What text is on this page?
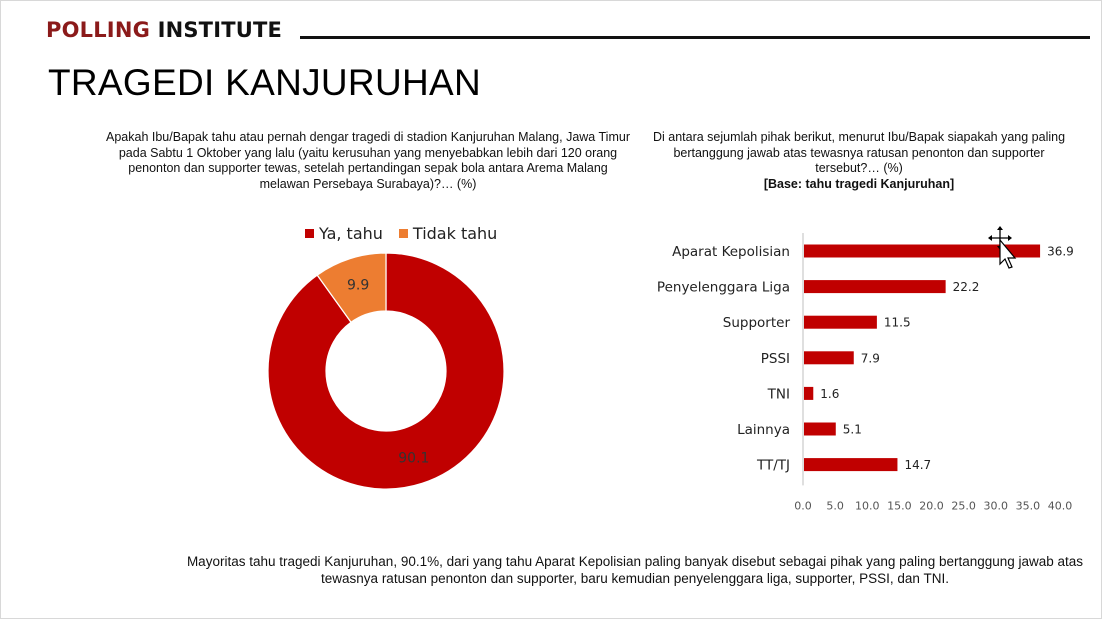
POLLING INSTITUTE
TRAGEDI KANJURUHAN
Apakah Ibu/Bapak tahu atau pernah dengar tragedi di stadion Kanjuruhan Malang, Jawa Timur pada Sabtu 1 Oktober yang lalu (yaitu kerusuhan yang menyebabkan lebih dari 120 orang penonton dan supporter tewas, setelah pertandingan sepak bola antara Arema Malang melawan Persebaya Surabaya)?… (%)
Di antara sejumlah pihak berikut, menurut Ibu/Bapak siapakah yang paling bertanggung jawab atas tewasnya ratusan penonton dan supporter tersebut?… (%)
[Base: tahu tragedi Kanjuruhan]
Ya, tahu Tidak tahu
90.1
9.9
Aparat Kepolisian	36.9
Penyelenggara Liga	22.2
Supporter	11.5
PSSI	7.9
TNI	1.6
Lainnya	5.1
TT/TJ	14.7
0.0 5.0 10.0 15.0 20.0 25.0 30.0 35.0 40.0
Mayoritas tahu tragedi Kanjuruhan, 90.1%, dari yang tahu Aparat Kepolisian paling banyak disebut sebagai pihak yang paling bertanggung jawab atas tewasnya ratusan penonton dan supporter, baru kemudian penyelenggara liga, supporter, PSSI, dan TNI.
